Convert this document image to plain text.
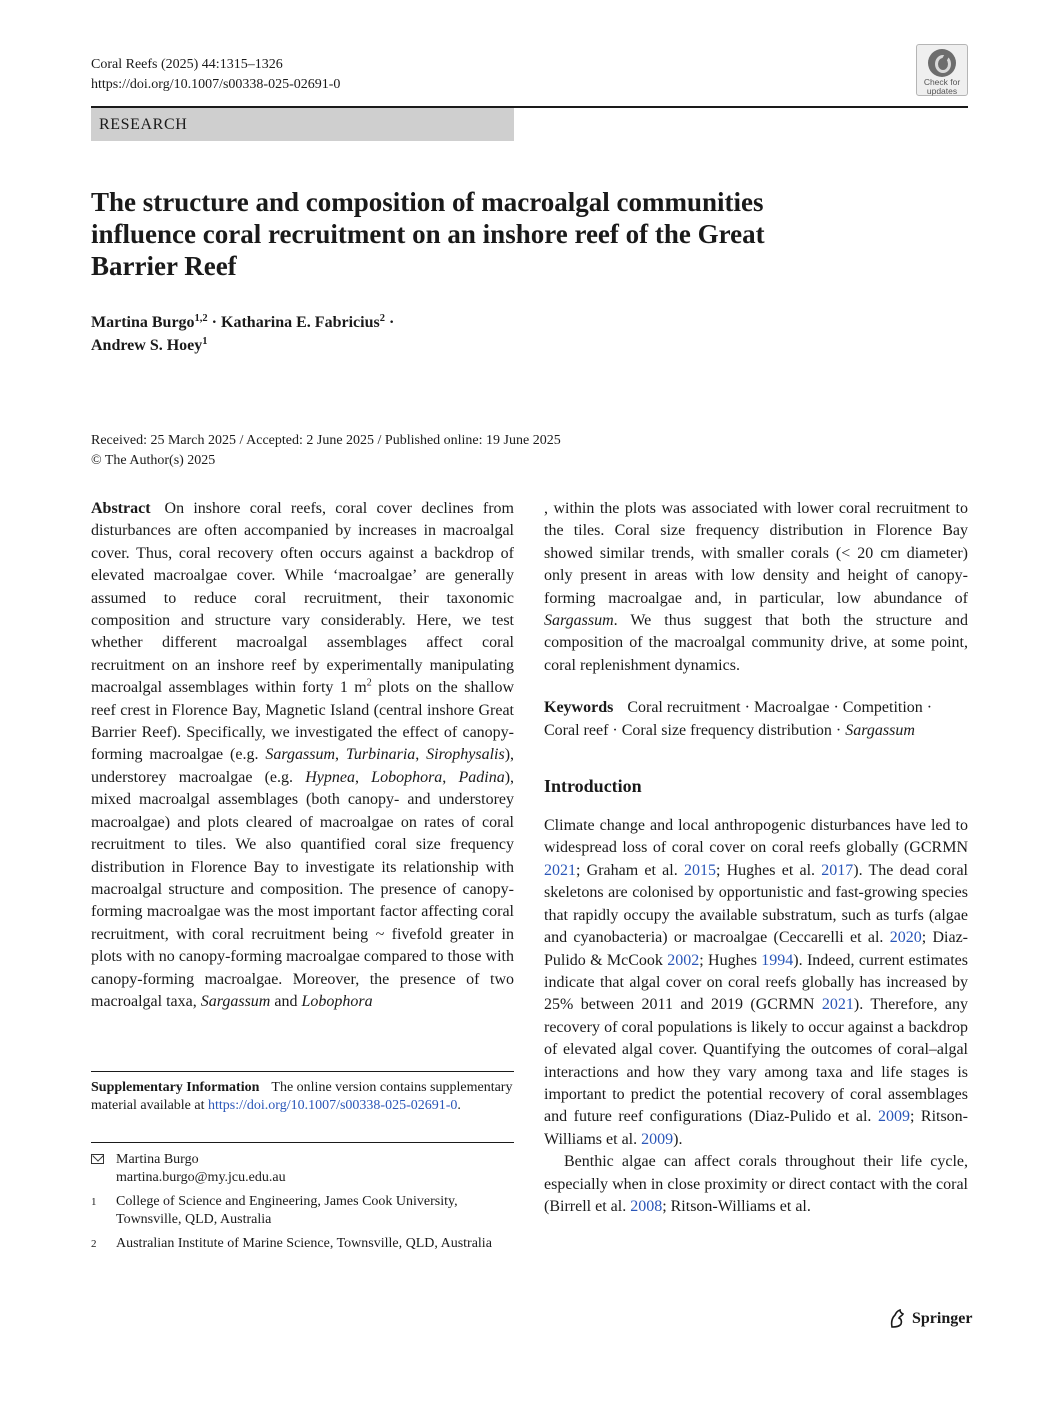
Coral Reefs (2025) 44:1315–1326
https://doi.org/10.1007/s00338-025-02691-0	Check for
updates
RESEARCH
The structure and composition of macroalgal communities influence coral recruitment on an inshore reef of the Great Barrier Reef
Martina Burgo$^{1,2}$ · Katharina E. Fabricius$^2$ ·
Andrew S. Hoey$^1$
Received: 25 March 2025 / Accepted: 2 June 2025 / Published online: 19 June 2025
© The Author(s) 2025

Abstract On inshore coral reefs, coral cover declines from disturbances are often accompanied by increases in macroalgal cover. Thus, coral recovery often occurs against a backdrop of elevated macroalgae cover. While ‘macroalgae’ are generally assumed to reduce coral recruitment, their taxonomic composition and structure vary considerably. Here, we test whether different macroalgal assemblages affect coral recruitment on an inshore reef by experimentally manipulating macroalgal assemblages within forty 1 $m^2$ plots on the shallow reef crest in Florence Bay, Magnetic Island (central inshore Great Barrier Reef). Specifically, we investigated the effect of canopy-forming macroalgae (e.g. Sargassum, Turbinaria, Sirophysalis), understorey macroalgae (e.g. Hypnea, Lobophora, Padina), mixed macroalgal assemblages (both canopy- and understorey macroalgae) and plots cleared of macroalgae on rates of coral recruitment to tiles. We also quantified coral size frequency distribution in Florence Bay to investigate its relationship with macroalgal structure and composition. The presence of canopy-forming macroalgae was the most important factor affecting coral recruitment, with coral recruitment being ~ fivefold greater in plots with no canopy-forming macroalgae compared to those with canopy-forming macroalgae. Moreover, the presence of two macroalgal taxa, Sargassum and Lobophora

, within the plots was associated with lower coral recruitment to the tiles. Coral size frequency distribution in Florence Bay showed similar trends, with smaller corals (< 20 cm diameter) only present in areas with low density and height of canopy-forming macroalgae and, in particular, low abundance of Sargassum. We thus suggest that both the structure and composition of the macroalgal community drive, at some point, coral replenishment dynamics.

Keywords Coral recruitment · Macroalgae · Competition · Coral reef · Coral size frequency distribution · Sargassum

Introduction

Climate change and local anthropogenic disturbances have led to widespread loss of coral cover on coral reefs globally (GCRMN 2021; Graham et al. 2015; Hughes et al. 2017). The dead coral skeletons are colonised by opportunistic and fast-growing species that rapidly occupy the available substratum, such as turfs (algae and cyanobacteria) or macroalgae (Ceccarelli et al. 2020; Diaz-Pulido & McCook 2002; Hughes 1994). Indeed, current estimates indicate that algal cover on coral reefs globally has increased by 25% between 2011 and 2019 (GCRMN 2021). Therefore, any recovery of coral populations is likely to occur against a backdrop of elevated algal cover. Quantifying the outcomes of coral–algal interactions and how they vary among taxa and life stages is important to predict the potential recovery of coral assemblages and future reef configurations (Diaz-Pulido et al. 2009; Ritson-Williams et al. 2009).

Benthic algae can affect corals throughout their life cycle, especially when in close proximity or direct contact with the coral (Birrell et al. 2008; Ritson-Williams et al.

Supplementary Information The online version contains supplementary material available at https://doi.org/10.1007/s00338-025-02691-0.
Martina Burgo
martina.burgo@my.jcu.edu.au
1	College of Science and Engineering, James Cook University, Townsville, QLD, Australia
2	Australian Institute of Marine Science, Townsville, QLD, Australia
Springer
